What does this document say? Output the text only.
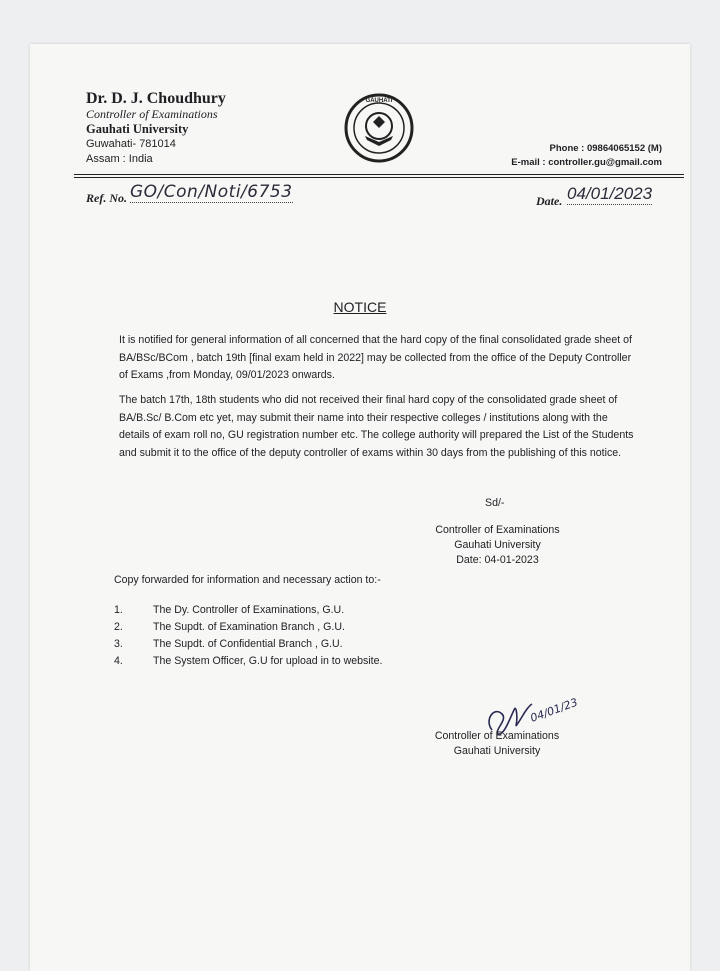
GAUHATI
Dr. D. J. Choudhury
Controller of Examinations
Gauhati University
Guwahati- 781014
Assam : India
Phone : 09864065152 (M)
E-mail : controller.gu@gmail.com
Ref. No. GO/Con/Noti/6753	Date. 04/01/2023
NOTICE
It is notified for general information of all concerned that the hard copy of the final consolidated grade sheet of BA/BSc/BCom , batch 19th [final exam held in 2022] may be collected from the office of the Deputy Controller of Exams ,from Monday, 09/01/2023 onwards.
The batch 17th, 18th students who did not received their final hard copy of the consolidated grade sheet of BA/B.Sc/ B.Com etc yet, may submit their name into their respective colleges / institutions along with the details of exam roll no, GU registration number etc. The college authority will prepared the List of the Students and submit it to the office of the deputy controller of exams within 30 days from the publishing of this notice.
Sd/-
Controller of Examinations
Gauhati University
Date: 04-01-2023
Copy forwarded for information and necessary action to:-
1.	The Dy. Controller of Examinations, G.U.
2.	The Supdt. of Examination Branch , G.U.
3.	The Supdt. of Confidential Branch , G.U.
4.	The System Officer, G.U for upload in to website.
04/01/23
Controller of Examinations
Gauhati University
